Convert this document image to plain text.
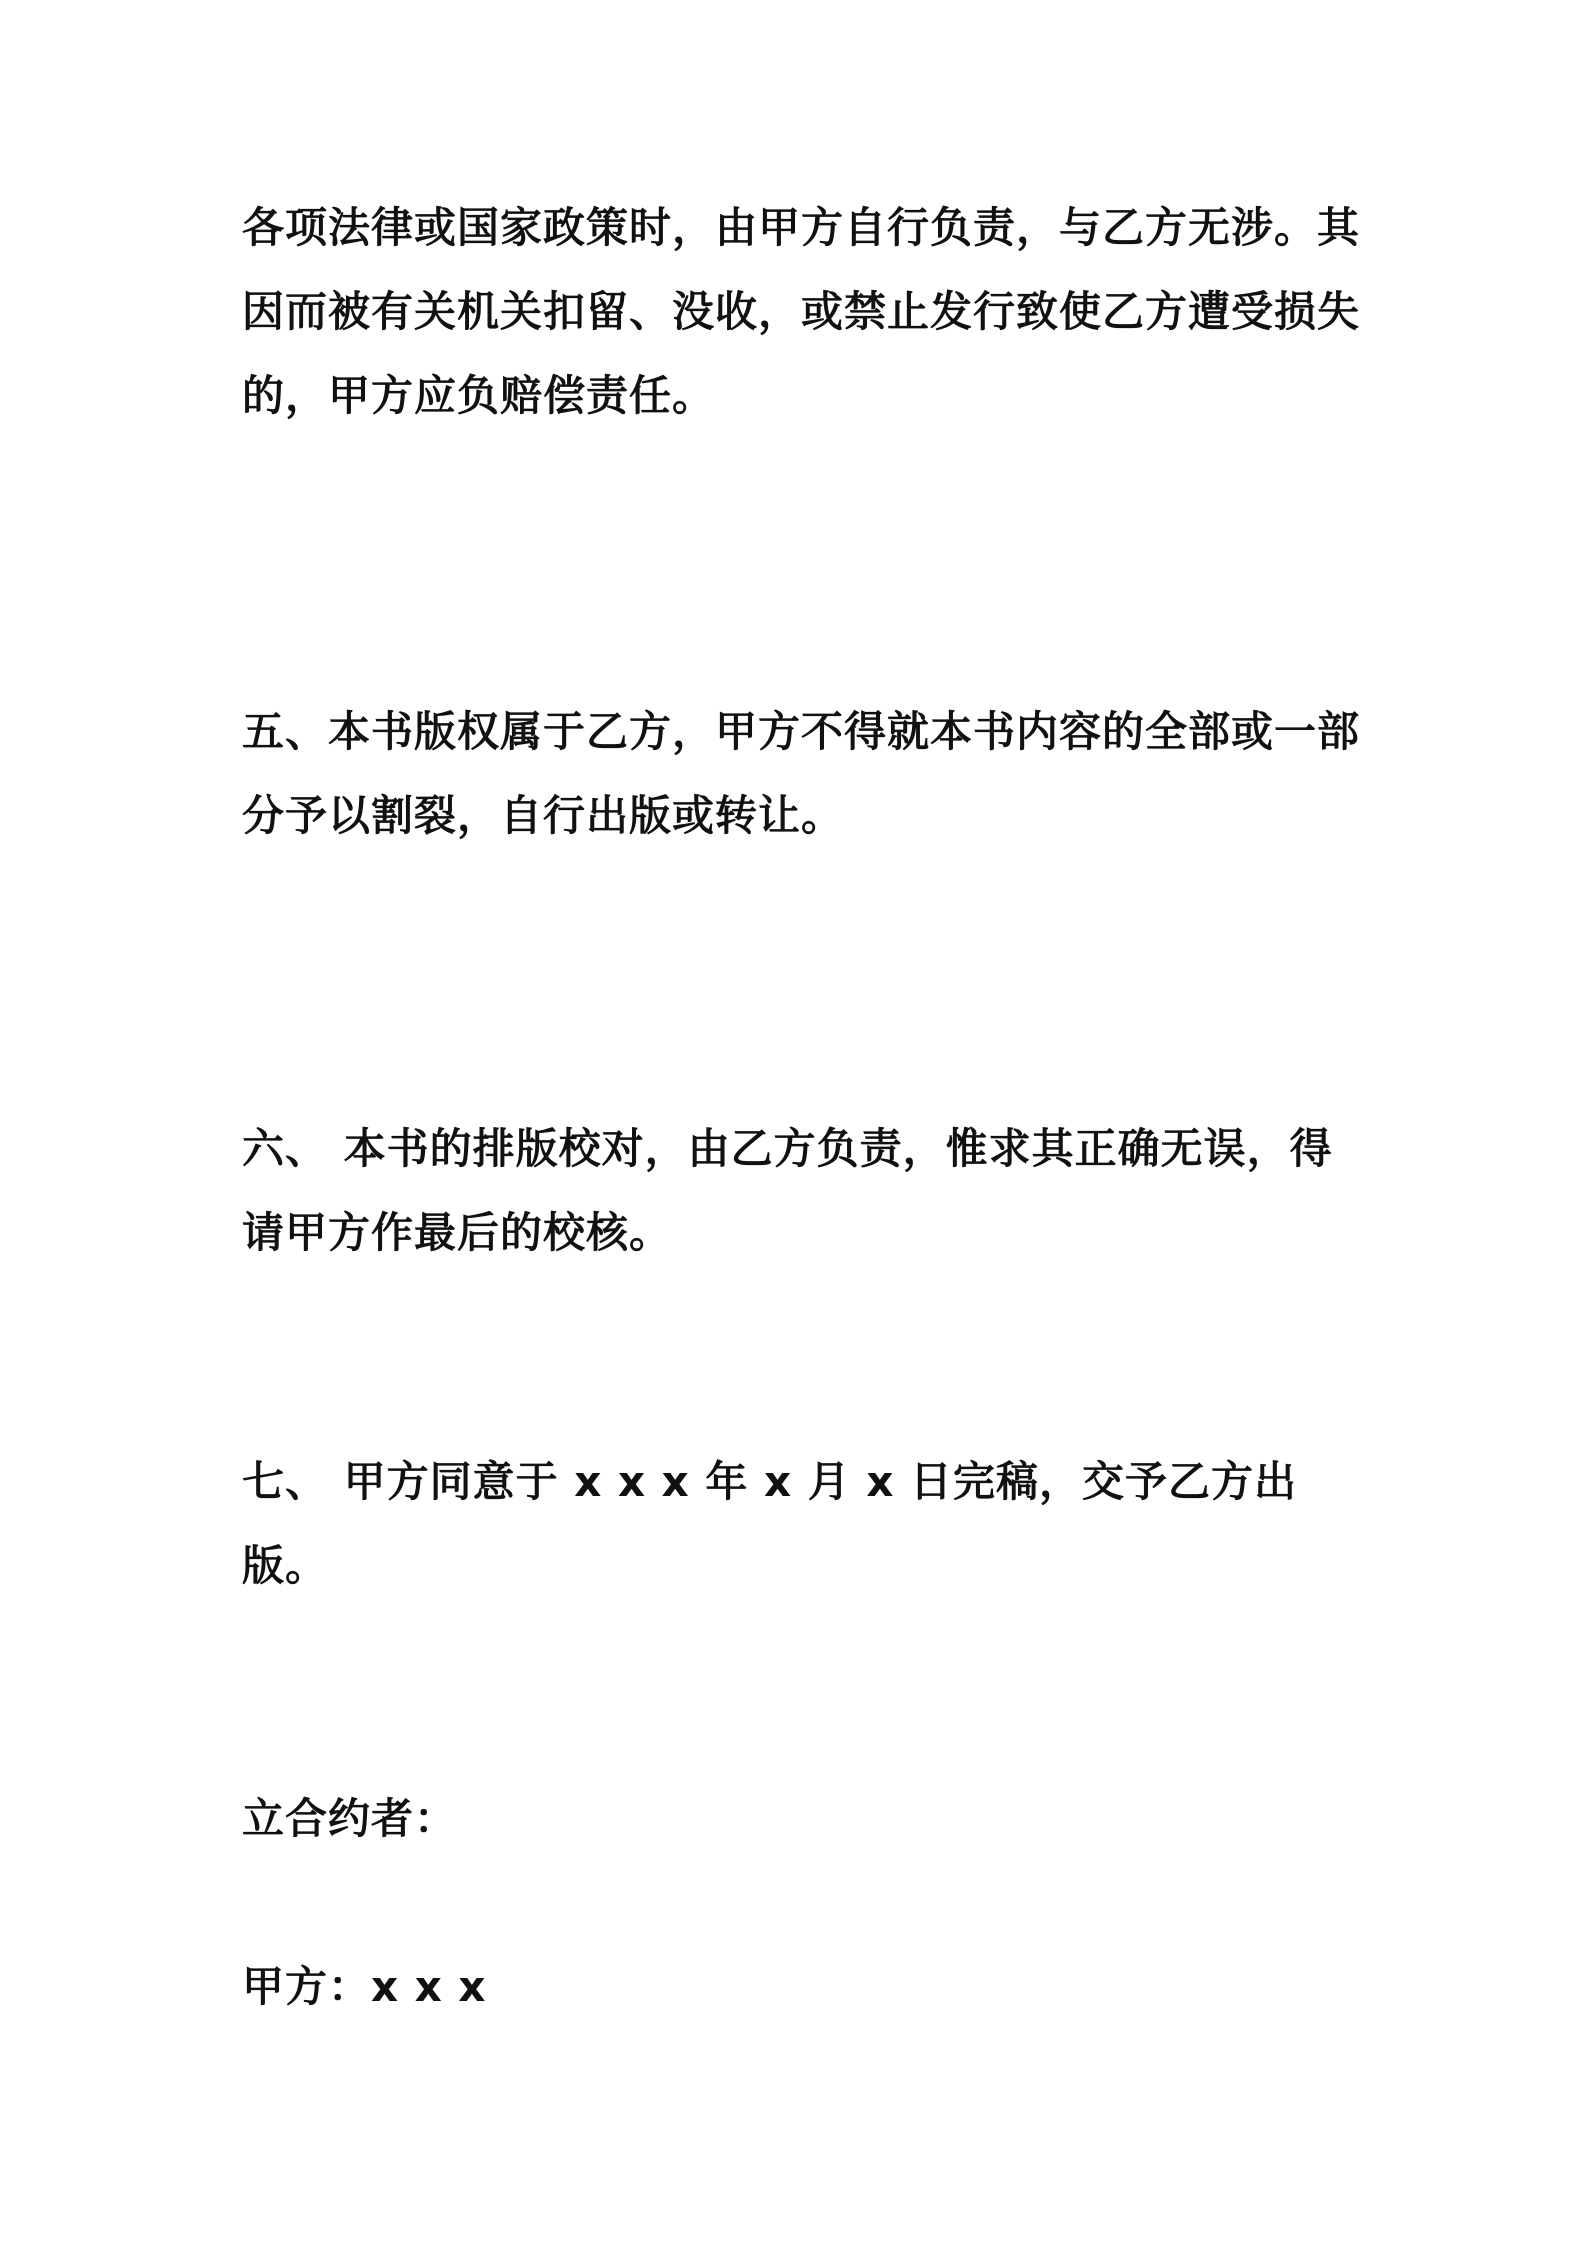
各项法律或国家政策时，由甲方自行负责，与乙方无涉。其因而被有关机关扣留、没收，或禁止发行致使乙方遭受损失的，甲方应负赔偿责任。

五、本书版权属于乙方，甲方不得就本书内容的全部或一部分予以割裂，自行出版或转让。

六、 本书的排版校对，由乙方负责，惟求其正确无误，得请甲方作最后的校核。

七、 甲方同意于 x x x 年 x 月 x 日完稿，交予乙方出版。

立合约者：

甲方：x x x
